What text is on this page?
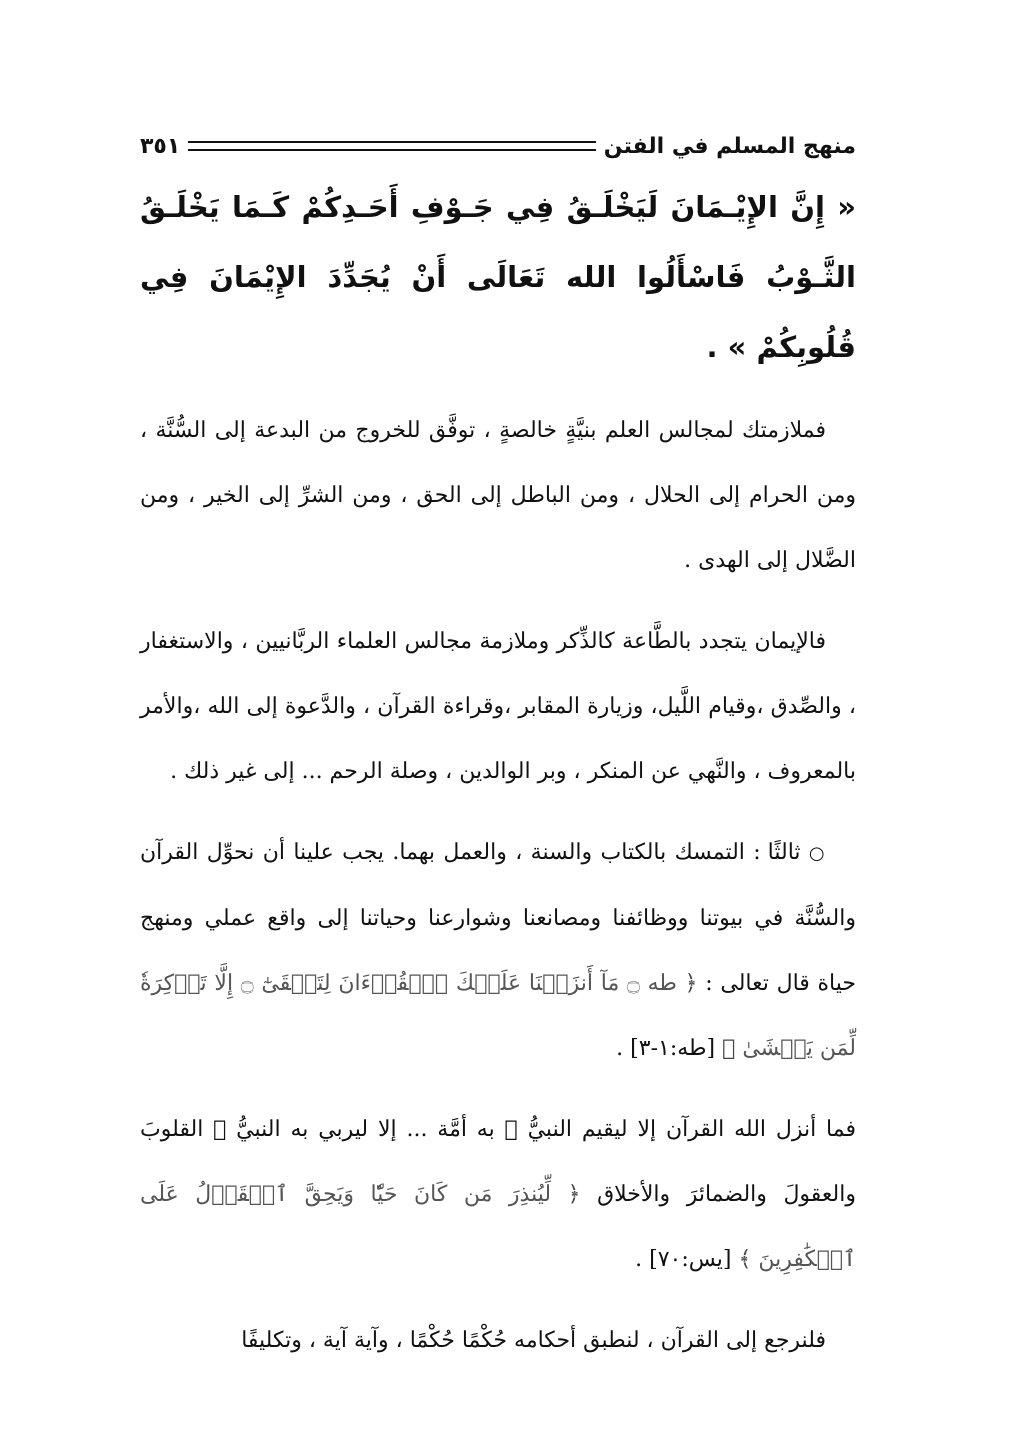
منهج المسلم في الفتن
٣٥١

« إِنَّ الإِيْـمَانَ لَيَخْلَـقُ فِي جَـوْفِ أَحَـدِكُمْ كَـمَا يَخْلَـقُ الثَّـوْبُ فَاسْأَلُوا الله تَعَالَى أَنْ يُجَدِّدَ الإِيْمَانَ فِي قُلُوبِكُمْ » .

فملازمتك لمجالس العلم بنيَّةٍ خالصةٍ ، توفَّق للخروج من البدعة إلى السُّنَّة ، ومن الحرام إلى الحلال ، ومن الباطل إلى الحق ، ومن الشرِّ إلى الخير ، ومن الضَّلال إلى الهدى .

فالإيمان يتجدد بالطَّاعة كالذِّكر وملازمة مجالس العلماء الربَّانيين ، والاستغفار ، والصِّدق ،وقيام اللَّيل، وزيارة المقابر ،وقراءة القرآن ، والدَّعوة إلى الله ،والأمر بالمعروف ، والنَّهي عن المنكر ، وبر الوالدين ، وصلة الرحم ... إلى غير ذلك .

○ ثالثًا : التمسك بالكتاب والسنة ، والعمل بهما. يجب علينا أن نحوِّل القرآن والسُّنَّة في بيوتنا ووظائفنا ومصانعنا وشوارعنا وحياتنا إلى واقع عملي ومنهج حياة قال تعالى : ﴿ طه ۝ مَآ أَنزَلۡنَا عَلَيۡكَ ٱلۡقُرۡءَانَ لِتَشۡقَىٰٓ ۝ إِلَّا تَذۡكِرَةٗ لِّمَن يَخۡشَىٰ ﴾ [طه:١-٣] .

فما أنزل الله القرآن إلا ليقيم النبيُّ ﷺ به أمَّة ... إلا ليربي به النبيُّ ﷺ القلوبَ والعقولَ والضمائرَ والأخلاق ﴿ لِّيُنذِرَ مَن كَانَ حَيّٗا وَيَحِقَّ ٱلۡقَوۡلُ عَلَى ٱلۡكَٰفِرِينَ ﴾ [يس:٧٠] .

فلنرجع إلى القرآن ، لنطبق أحكامه حُكْمًا حُكْمًا ، وآية آية ، وتكليفًا
